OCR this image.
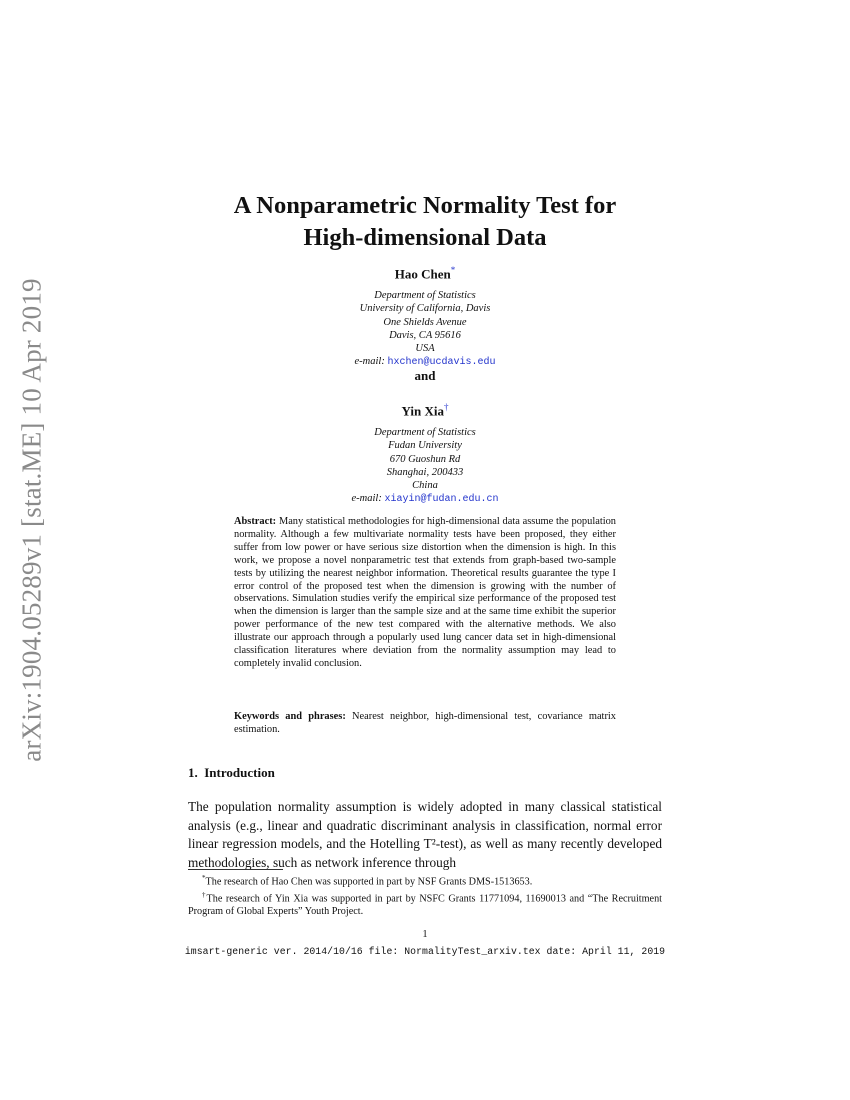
arXiv:1904.05289v1 [stat.ME] 10 Apr 2019
A Nonparametric Normality Test for
High-dimensional Data
Hao Chen*
Department of Statistics
University of California, Davis
One Shields Avenue
Davis, CA 95616
USA
e-mail: hxchen@ucdavis.edu
and
Yin Xia†
Department of Statistics
Fudan University
670 Guoshun Rd
Shanghai, 200433
China
e-mail: xiayin@fudan.edu.cn
Abstract: Many statistical methodologies for high-dimensional data assume the population normality. Although a few multivariate normality tests have been proposed, they either suffer from low power or have serious size distortion when the dimension is high. In this work, we propose a novel nonparametric test that extends from graph-based two-sample tests by utilizing the nearest neighbor information. Theoretical results guarantee the type I error control of the proposed test when the dimension is growing with the number of observations. Simulation studies verify the empirical size performance of the proposed test when the dimension is larger than the sample size and at the same time exhibit the superior power performance of the new test compared with the alternative methods. We also illustrate our approach through a popularly used lung cancer data set in high-dimensional classification literatures where deviation from the normality assumption may lead to completely invalid conclusion.
Keywords and phrases: Nearest neighbor, high-dimensional test, covariance matrix estimation.
1. Introduction
The population normality assumption is widely adopted in many classical statistical analysis (e.g., linear and quadratic discriminant analysis in classification, normal error linear regression models, and the Hotelling T²-test), as well as many recently developed methodologies, such as network inference through

*The research of Hao Chen was supported in part by NSF Grants DMS-1513653.

†The research of Yin Xia was supported in part by NSFC Grants 11771094, 11690013 and “The Recruitment Program of Global Experts” Youth Project.

1
imsart-generic ver. 2014/10/16 file: NormalityTest_arxiv.tex date: April 11, 2019
